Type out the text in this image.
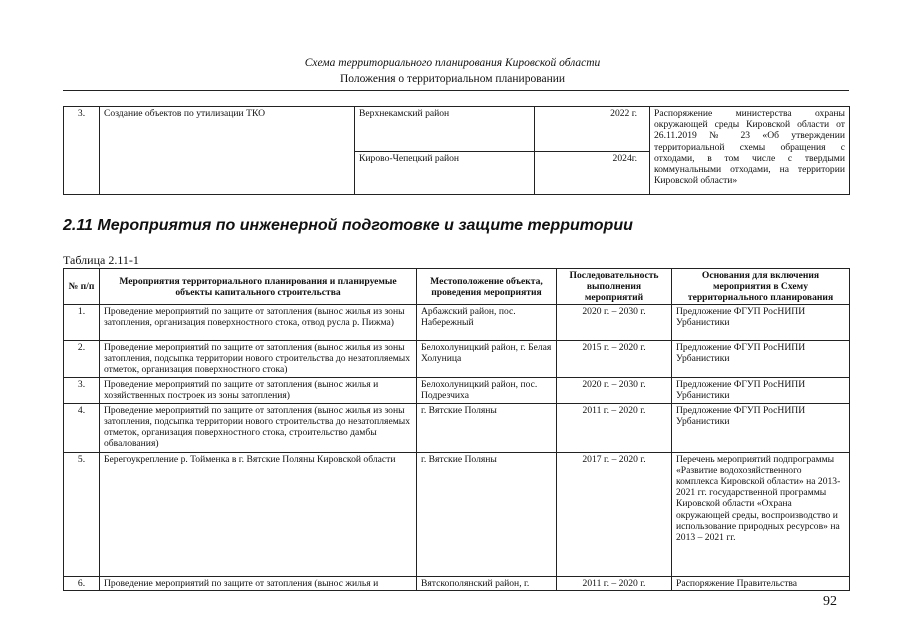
Схема территориального планирования Кировской области
Положения о территориальном планировании
3.	Создание объектов по утилизации ТКО	Верхнекамский район	2022 г.	Распоряжение министерства охраны окружающей среды Кировской области от 26.11.2019 № 23 «Об утверждении территориальной схемы обращения с отходами, в том числе с твердыми коммунальными отходами, на территории Кировской области»
		Кирово-Чепецкий район	2024г.	
2.11 Мероприятия по инженерной подготовке и защите территории
Таблица 2.11-1
№ п/п	Мероприятия территориального планирования и планируемые объекты капитального строительства	Местоположение объекта, проведения мероприятия	Последовательность выполнения мероприятий	Основания для включения мероприятия в Схему территориального планирования
1.	Проведение мероприятий по защите от затопления (вынос жилья из зоны затопления, организация поверхностного стока, отвод русла р. Пижма)	Арбажский район, пос. Набережный	2020 г. – 2030 г.	Предложение ФГУП РосНИПИ Урбанистики
2.	Проведение мероприятий по защите от затопления (вынос жилья из зоны затопления, подсыпка территории нового строительства до незатопляемых отметок, организация поверхностного стока)	Белохолуницкий район, г. Белая Холуница	2015 г. – 2020 г.	Предложение ФГУП РосНИПИ Урбанистики
3.	Проведение мероприятий по защите от затопления (вынос жилья и хозяйственных построек из зоны затопления)	Белохолуницкий район, пос. Подрезчиха	2020 г. – 2030 г.	Предложение ФГУП РосНИПИ Урбанистики
4.	Проведение мероприятий по защите от затопления (вынос жилья из зоны затопления, подсыпка территории нового строительства до незатопляемых отметок, организация поверхностного стока, строительство дамбы обвалования)	г. Вятские Поляны	2011 г. – 2020 г.	Предложение ФГУП РосНИПИ Урбанистики
5.	Берегоукрепление р. Тойменка в г. Вятские Поляны Кировской области	г. Вятские Поляны	2017 г. – 2020 г.	Перечень мероприятий подпрограммы «Развитие водохозяйственного комплекса Кировской области» на 2013-2021 гг. государственной программы Кировской области «Охрана окружающей среды, воспроизводство и использование природных ресурсов» на 2013 – 2021 гг.
6.	Проведение мероприятий по защите от затопления (вынос жилья и	Вятскополянский район, г.	2011 г. – 2020 г.	Распоряжение Правительства
92
